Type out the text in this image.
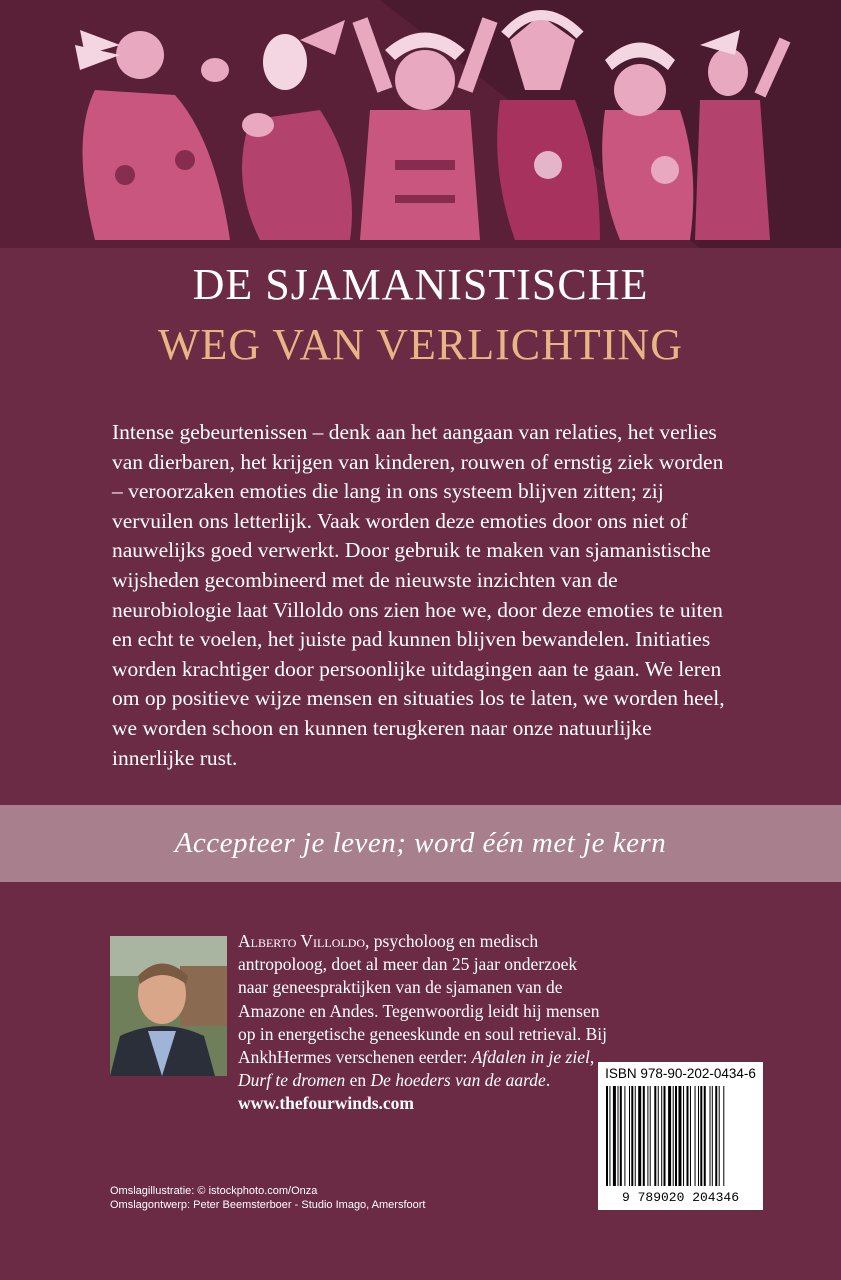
DE SJAMANISTISCHE
WEG VAN VERLICHTING

Intense gebeurtenissen – denk aan het aangaan van relaties, het verlies van dierbaren, het krijgen van kinderen, rouwen of ernstig ziek worden – veroorzaken emoties die lang in ons systeem blijven zitten; zij vervuilen ons letterlijk. Vaak worden deze emoties door ons niet of nauwelijks goed verwerkt. Door gebruik te maken van sjamanistische wijsheden gecombineerd met de nieuwste inzichten van de neurobiologie laat Villoldo ons zien hoe we, door deze emoties te uiten en echt te voelen, het juiste pad kunnen blijven bewandelen. Initiaties worden krachtiger door persoonlijke uitdagingen aan te gaan. We leren om op positieve wijze mensen en situaties los te laten, we worden heel, we worden schoon en kunnen terugkeren naar onze natuurlijke innerlijke rust.

Accepteer je leven; word één met je kern

Alberto Villoldo, psycholoog en medisch antropoloog, doet al meer dan 25 jaar onderzoek naar geneespraktijken van de sjamanen van de Amazone en Andes. Tegenwoordig leidt hij mensen op in energetische geneeskunde en soul retrieval. Bij AnkhHermes verschenen eerder: Afdalen in je ziel, Durf te dromen en De hoeders van de aarde. www.thefourwinds.com

ISBN 978-90-202-0434-6
9 789020 204346
Omslagillustratie: © istockphoto.com/Onza
Omslagontwerp: Peter Beemsterboer - Studio Imago, Amersfoort
